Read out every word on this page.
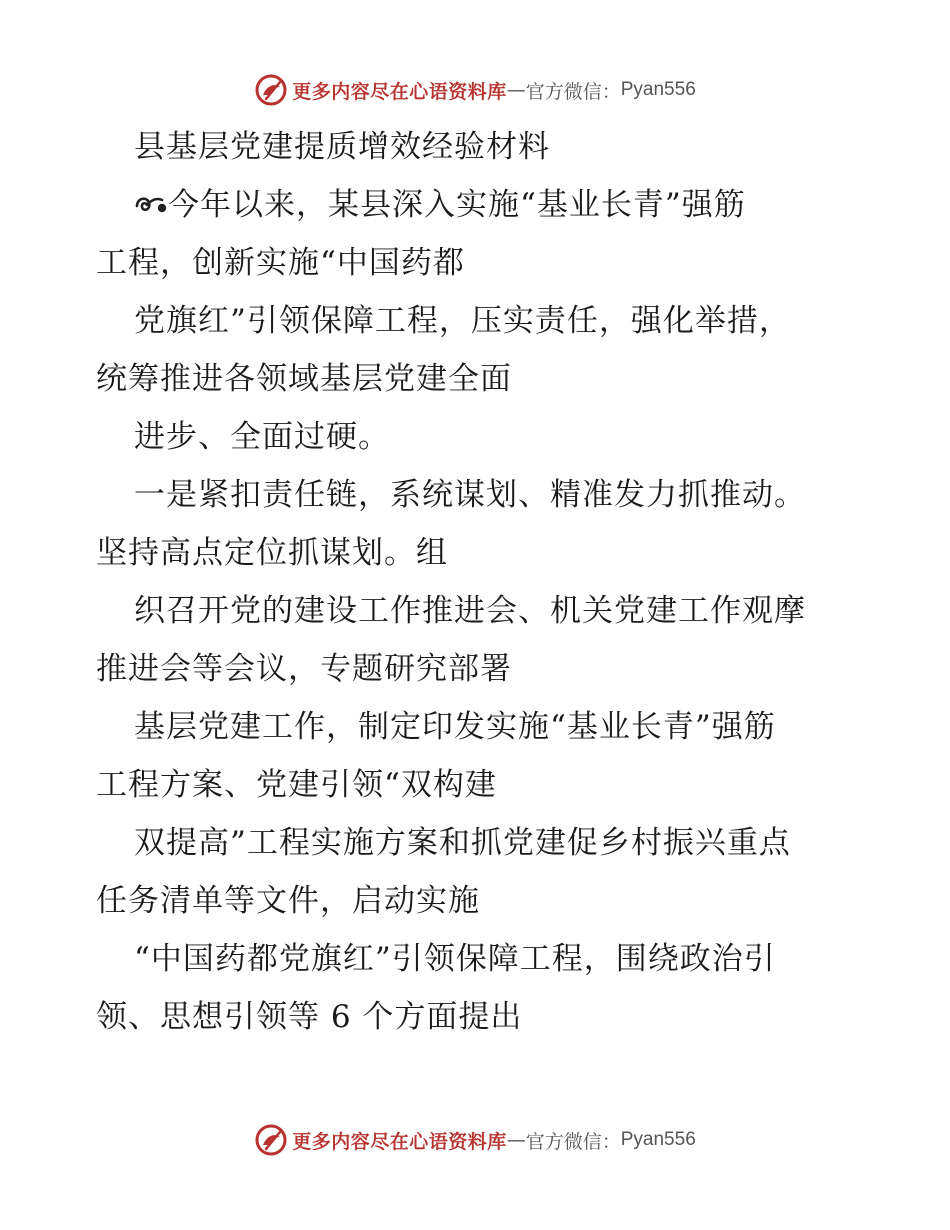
更多内容尽在心语资料库 — 官方微信： Pyan556
县基层党建提质增效经验材料
今年以来，某县深入实施“基业长青”强筋
工程，创新实施“中国药都
党旗红”引领保障工程，压实责任，强化举措，
统筹推进各领域基层党建全面
进步、全面过硬。
一是紧扣责任链，系统谋划、精准发力抓推动。
坚持高点定位抓谋划。组
织召开党的建设工作推进会、机关党建工作观摩
推进会等会议，专题研究部署
基层党建工作，制定印发实施“基业长青”强筋
工程方案、党建引领“双构建
双提高”工程实施方案和抓党建促乡村振兴重点
任务清单等文件，启动实施
“中国药都党旗红”引领保障工程，围绕政治引
领、思想引领等 6 个方面提出
更多内容尽在心语资料库 — 官方微信： Pyan556
